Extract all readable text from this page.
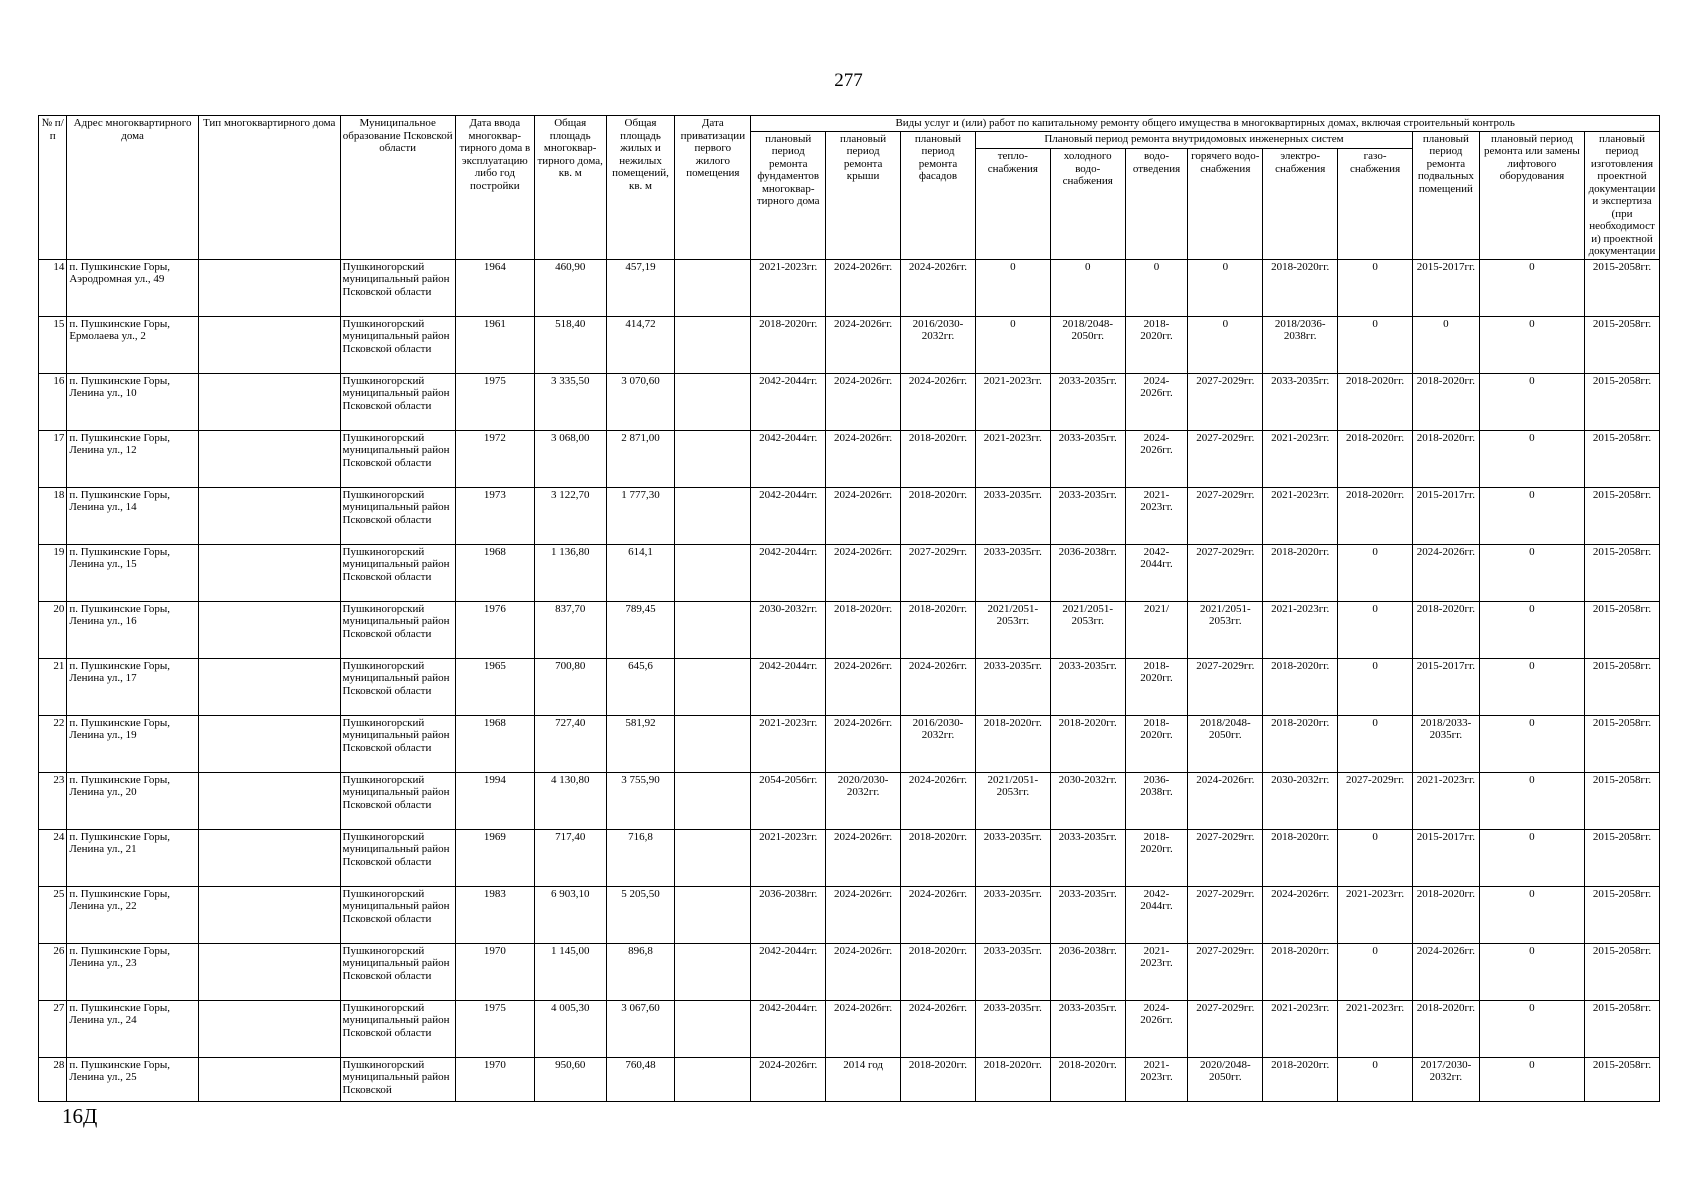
277
№ п/п	Адрес многоквартирного дома	Тип многоквартирного дома	Муниципальное образование Псковской области	Дата ввода многоквар-тирного дома в эксплуатацию либо год постройки	Общая площадь многоквар-тирного дома, кв. м	Общая площадь жилых и нежилых помещений, кв. м	Дата приватизации первого жилого помещения	Виды услуг и (или) работ по капитальному ремонту общего имущества в многоквартирных домах, включая строительный контроль											
								плановый период ремонта фундаментов многоквар-тирного дома	плановый период ремонта крыши	плановый период ремонта фасадов	Плановый период ремонта внутридомовых инженерных систем						плановый период ремонта подвальных помещений	плановый период ремонта или замены лифтового оборудования	плановый период изготовления проектной документации и экспертиза (при необходимости) проектной документации
											тепло-снабжения	холодного водо-снабжения	водо-отведения	горячего водо-снабжения	электро-снабжения	газо-снабжения			
14	п. Пушкинские Горы, Аэродромная ул., 49		Пушкиногорский муниципальный район Псковской области	1964	460,90	457,19		2021-2023гг.	2024-2026гг.	2024-2026гг.	0	0	0	0	2018-2020гг.	0	2015-2017гг.	0	2015-2058гг.
15	п. Пушкинские Горы, Ермолаева ул., 2		Пушкиногорский муниципальный район Псковской области	1961	518,40	414,72		2018-2020гг.	2024-2026гг.	2016/2030-2032гг.	0	2018/2048-2050гг.	2018-2020гг.	0	2018/2036-2038гг.	0	0	0	2015-2058гг.
16	п. Пушкинские Горы, Ленина ул., 10		Пушкиногорский муниципальный район Псковской области	1975	3 335,50	3 070,60		2042-2044гг.	2024-2026гг.	2024-2026гг.	2021-2023гг.	2033-2035гг.	2024-2026гг.	2027-2029гг.	2033-2035гг.	2018-2020гг.	2018-2020гг.	0	2015-2058гг.
17	п. Пушкинские Горы, Ленина ул., 12		Пушкиногорский муниципальный район Псковской области	1972	3 068,00	2 871,00		2042-2044гг.	2024-2026гг.	2018-2020гг.	2021-2023гг.	2033-2035гг.	2024-2026гг.	2027-2029гг.	2021-2023гг.	2018-2020гг.	2018-2020гг.	0	2015-2058гг.
18	п. Пушкинские Горы, Ленина ул., 14		Пушкиногорский муниципальный район Псковской области	1973	3 122,70	1 777,30		2042-2044гг.	2024-2026гг.	2018-2020гг.	2033-2035гг.	2033-2035гг.	2021-2023гг.	2027-2029гг.	2021-2023гг.	2018-2020гг.	2015-2017гг.	0	2015-2058гг.
19	п. Пушкинские Горы, Ленина ул., 15		Пушкиногорский муниципальный район Псковской области	1968	1 136,80	614,1		2042-2044гг.	2024-2026гг.	2027-2029гг.	2033-2035гг.	2036-2038гг.	2042-2044гг.	2027-2029гг.	2018-2020гг.	0	2024-2026гг.	0	2015-2058гг.
20	п. Пушкинские Горы, Ленина ул., 16		Пушкиногорский муниципальный район Псковской области	1976	837,70	789,45		2030-2032гг.	2018-2020гг.	2018-2020гг.	2021/2051-2053гг.	2021/2051-2053гг.	2021/	2021/2051-2053гг.	2021-2023гг.	0	2018-2020гг.	0	2015-2058гг.
21	п. Пушкинские Горы, Ленина ул., 17		Пушкиногорский муниципальный район Псковской области	1965	700,80	645,6		2042-2044гг.	2024-2026гг.	2024-2026гг.	2033-2035гг.	2033-2035гг.	2018-2020гг.	2027-2029гг.	2018-2020гг.	0	2015-2017гг.	0	2015-2058гг.
22	п. Пушкинские Горы, Ленина ул., 19		Пушкиногорский муниципальный район Псковской области	1968	727,40	581,92		2021-2023гг.	2024-2026гг.	2016/2030-2032гг.	2018-2020гг.	2018-2020гг.	2018-2020гг.	2018/2048-2050гг.	2018-2020гг.	0	2018/2033-2035гг.	0	2015-2058гг.
23	п. Пушкинские Горы, Ленина ул., 20		Пушкиногорский муниципальный район Псковской области	1994	4 130,80	3 755,90		2054-2056гг.	2020/2030-2032гг.	2024-2026гг.	2021/2051-2053гг.	2030-2032гг.	2036-2038гг.	2024-2026гг.	2030-2032гг.	2027-2029гг.	2021-2023гг.	0	2015-2058гг.
24	п. Пушкинские Горы, Ленина ул., 21		Пушкиногорский муниципальный район Псковской области	1969	717,40	716,8		2021-2023гг.	2024-2026гг.	2018-2020гг.	2033-2035гг.	2033-2035гг.	2018-2020гг.	2027-2029гг.	2018-2020гг.	0	2015-2017гг.	0	2015-2058гг.
25	п. Пушкинские Горы, Ленина ул., 22		Пушкиногорский муниципальный район Псковской области	1983	6 903,10	5 205,50		2036-2038гг.	2024-2026гг.	2024-2026гг.	2033-2035гг.	2033-2035гг.	2042-2044гг.	2027-2029гг.	2024-2026гг.	2021-2023гг.	2018-2020гг.	0	2015-2058гг.
26	п. Пушкинские Горы, Ленина ул., 23		Пушкиногорский муниципальный район Псковской области	1970	1 145,00	896,8		2042-2044гг.	2024-2026гг.	2018-2020гг.	2033-2035гг.	2036-2038гг.	2021-2023гг.	2027-2029гг.	2018-2020гг.	0	2024-2026гг.	0	2015-2058гг.
27	п. Пушкинские Горы, Ленина ул., 24		Пушкиногорский муниципальный район Псковской области	1975	4 005,30	3 067,60		2042-2044гг.	2024-2026гг.	2024-2026гг.	2033-2035гг.	2033-2035гг.	2024-2026гг.	2027-2029гг.	2021-2023гг.	2021-2023гг.	2018-2020гг.	0	2015-2058гг.
28	п. Пушкинские Горы, Ленина ул., 25		Пушкиногорский муниципальный район Псковской	1970	950,60	760,48		2024-2026гг.	2014 год	2018-2020гг.	2018-2020гг.	2018-2020гг.	2021-2023гг.	2020/2048-2050гг.	2018-2020гг.	0	2017/2030-2032гг.	0	2015-2058гг.
16Д
